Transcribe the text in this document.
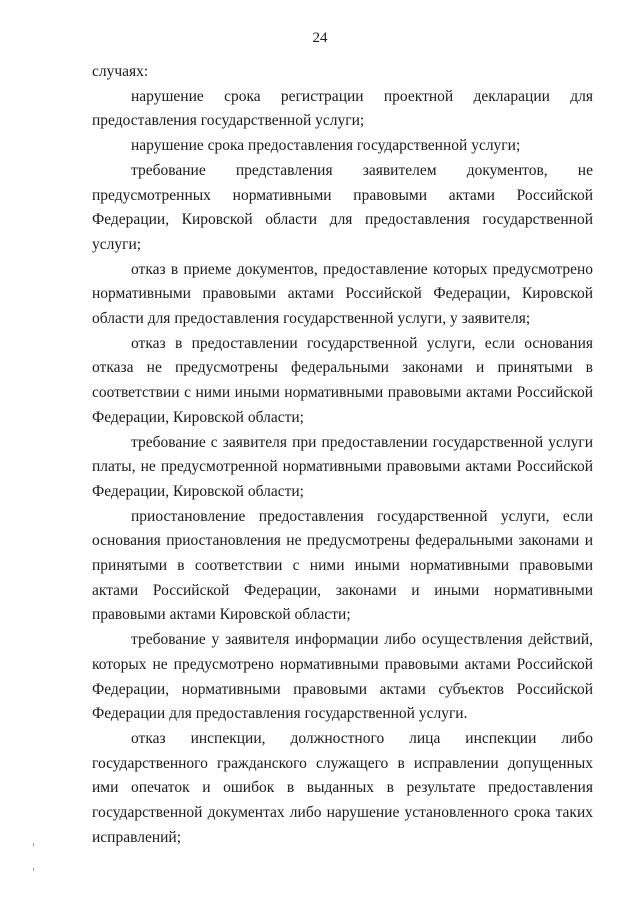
24

случаях:

нарушение срока регистрации проектной декларации для предоставления государственной услуги;

нарушение срока предоставления государственной услуги;

требование представления заявителем документов, не предусмотренных нормативными правовыми актами Российской Федерации, Кировской области для предоставления государственной услуги;

отказ в приеме документов, предоставление которых предусмотрено нормативными правовыми актами Российской Федерации, Кировской области для предоставления государственной услуги, у заявителя;

отказ в предоставлении государственной услуги, если основания отказа не предусмотрены федеральными законами и принятыми в соответствии с ними иными нормативными правовыми актами Российской Федерации, Кировской области;

требование с заявителя при предоставлении государственной услуги платы, не предусмотренной нормативными правовыми актами Российской Федерации, Кировской области;

приостановление предоставления государственной услуги, если основания приостановления не предусмотрены федеральными законами и принятыми в соответствии с ними иными нормативными правовыми актами Российской Федерации, законами и иными нормативными правовыми актами Кировской области;

требование у заявителя информации либо осуществления действий, которых не предусмотрено нормативными правовыми актами Российской Федерации, нормативными правовыми актами субъектов Российской Федерации для предоставления государственной услуги.

отказ инспекции, должностного лица инспекции либо государственного гражданского служащего в исправлении допущенных ими опечаток и ошибок в выданных в результате предоставления государственной документах либо нарушение установленного срока таких исправлений;
